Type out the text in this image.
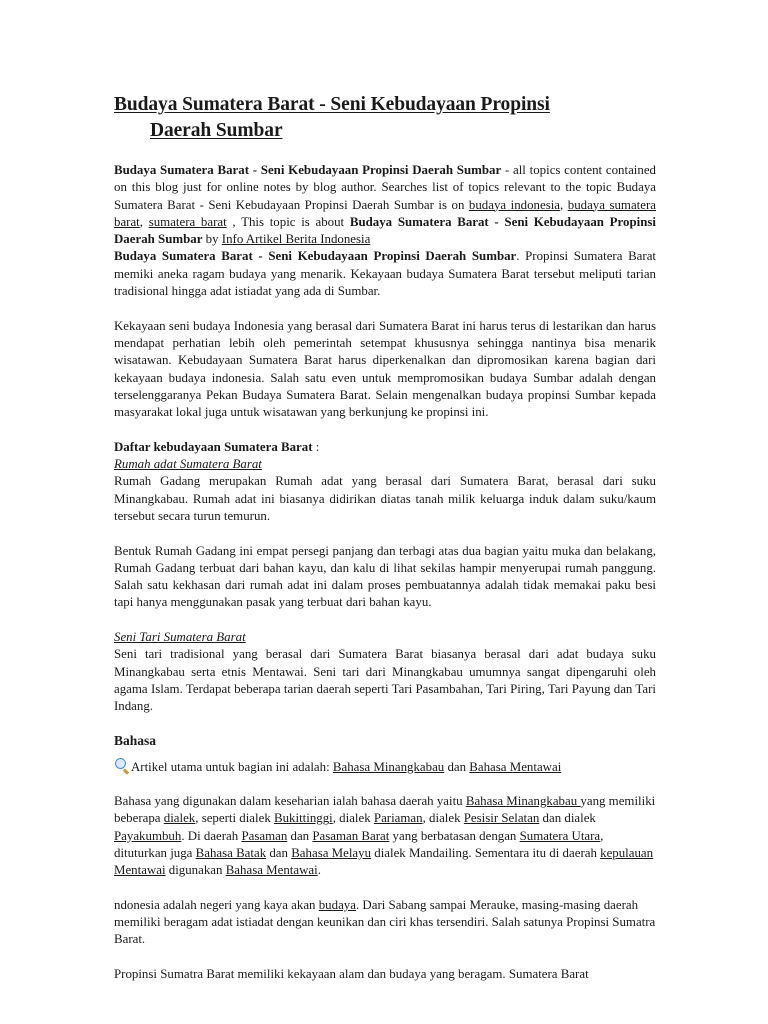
Budaya Sumatera Barat - Seni Kebudayaan Propinsi
Daerah Sumbar

Budaya Sumatera Barat - Seni Kebudayaan Propinsi Daerah Sumbar - all topics content contained on this blog just for online notes by blog author. Searches list of topics relevant to the topic Budaya Sumatera Barat - Seni Kebudayaan Propinsi Daerah Sumbar is on budaya indonesia, budaya sumatera barat, sumatera barat , This topic is about Budaya Sumatera Barat - Seni Kebudayaan Propinsi Daerah Sumbar by Info Artikel Berita Indonesia

Budaya Sumatera Barat - Seni Kebudayaan Propinsi Daerah Sumbar. Propinsi Sumatera Barat memiki aneka ragam budaya yang menarik. Kekayaan budaya Sumatera Barat tersebut meliputi tarian tradisional hingga adat istiadat yang ada di Sumbar.

Kekayaan seni budaya Indonesia yang berasal dari Sumatera Barat ini harus terus di lestarikan dan harus mendapat perhatian lebih oleh pemerintah setempat khususnya sehingga nantinya bisa menarik wisatawan. Kebudayaan Sumatera Barat harus diperkenalkan dan dipromosikan karena bagian dari kekayaan budaya indonesia. Salah satu even untuk mempromosikan budaya Sumbar adalah dengan terselenggaranya Pekan Budaya Sumatera Barat. Selain mengenalkan budaya propinsi Sumbar kepada masyarakat lokal juga untuk wisatawan yang berkunjung ke propinsi ini.

Daftar kebudayaan Sumatera Barat :

Rumah adat Sumatera Barat

Rumah Gadang merupakan Rumah adat yang berasal dari Sumatera Barat, berasal dari suku Minangkabau. Rumah adat ini biasanya didirikan diatas tanah milik keluarga induk dalam suku/kaum tersebut secara turun temurun.

Bentuk Rumah Gadang ini empat persegi panjang dan terbagi atas dua bagian yaitu muka dan belakang, Rumah Gadang terbuat dari bahan kayu, dan kalu di lihat sekilas hampir menyerupai rumah panggung. Salah satu kekhasan dari rumah adat ini dalam proses pembuatannya adalah tidak memakai paku besi tapi hanya menggunakan pasak yang terbuat dari bahan kayu.

Seni Tari Sumatera Barat

Seni tari tradisional yang berasal dari Sumatera Barat biasanya berasal dari adat budaya suku Minangkabau serta etnis Mentawai. Seni tari dari Minangkabau umumnya sangat dipengaruhi oleh agama Islam. Terdapat beberapa tarian daerah seperti Tari Pasambahan, Tari Piring, Tari Payung dan Tari Indang.

Bahasa

Artikel utama untuk bagian ini adalah: Bahasa Minangkabau dan Bahasa Mentawai

Bahasa yang digunakan dalam keseharian ialah bahasa daerah yaitu Bahasa Minangkabau yang memiliki beberapa dialek, seperti dialek Bukittinggi, dialek Pariaman, dialek Pesisir Selatan dan dialek Payakumbuh. Di daerah Pasaman dan Pasaman Barat yang berbatasan dengan Sumatera Utara, dituturkan juga Bahasa Batak dan Bahasa Melayu dialek Mandailing. Sementara itu di daerah kepulauan Mentawai digunakan Bahasa Mentawai.

ndonesia adalah negeri yang kaya akan budaya. Dari Sabang sampai Merauke, masing-masing daerah memiliki beragam adat istiadat dengan keunikan dan ciri khas tersendiri. Salah satunya Propinsi Sumatra Barat.

Propinsi Sumatra Barat memiliki kekayaan alam dan budaya yang beragam. Sumatera Barat
